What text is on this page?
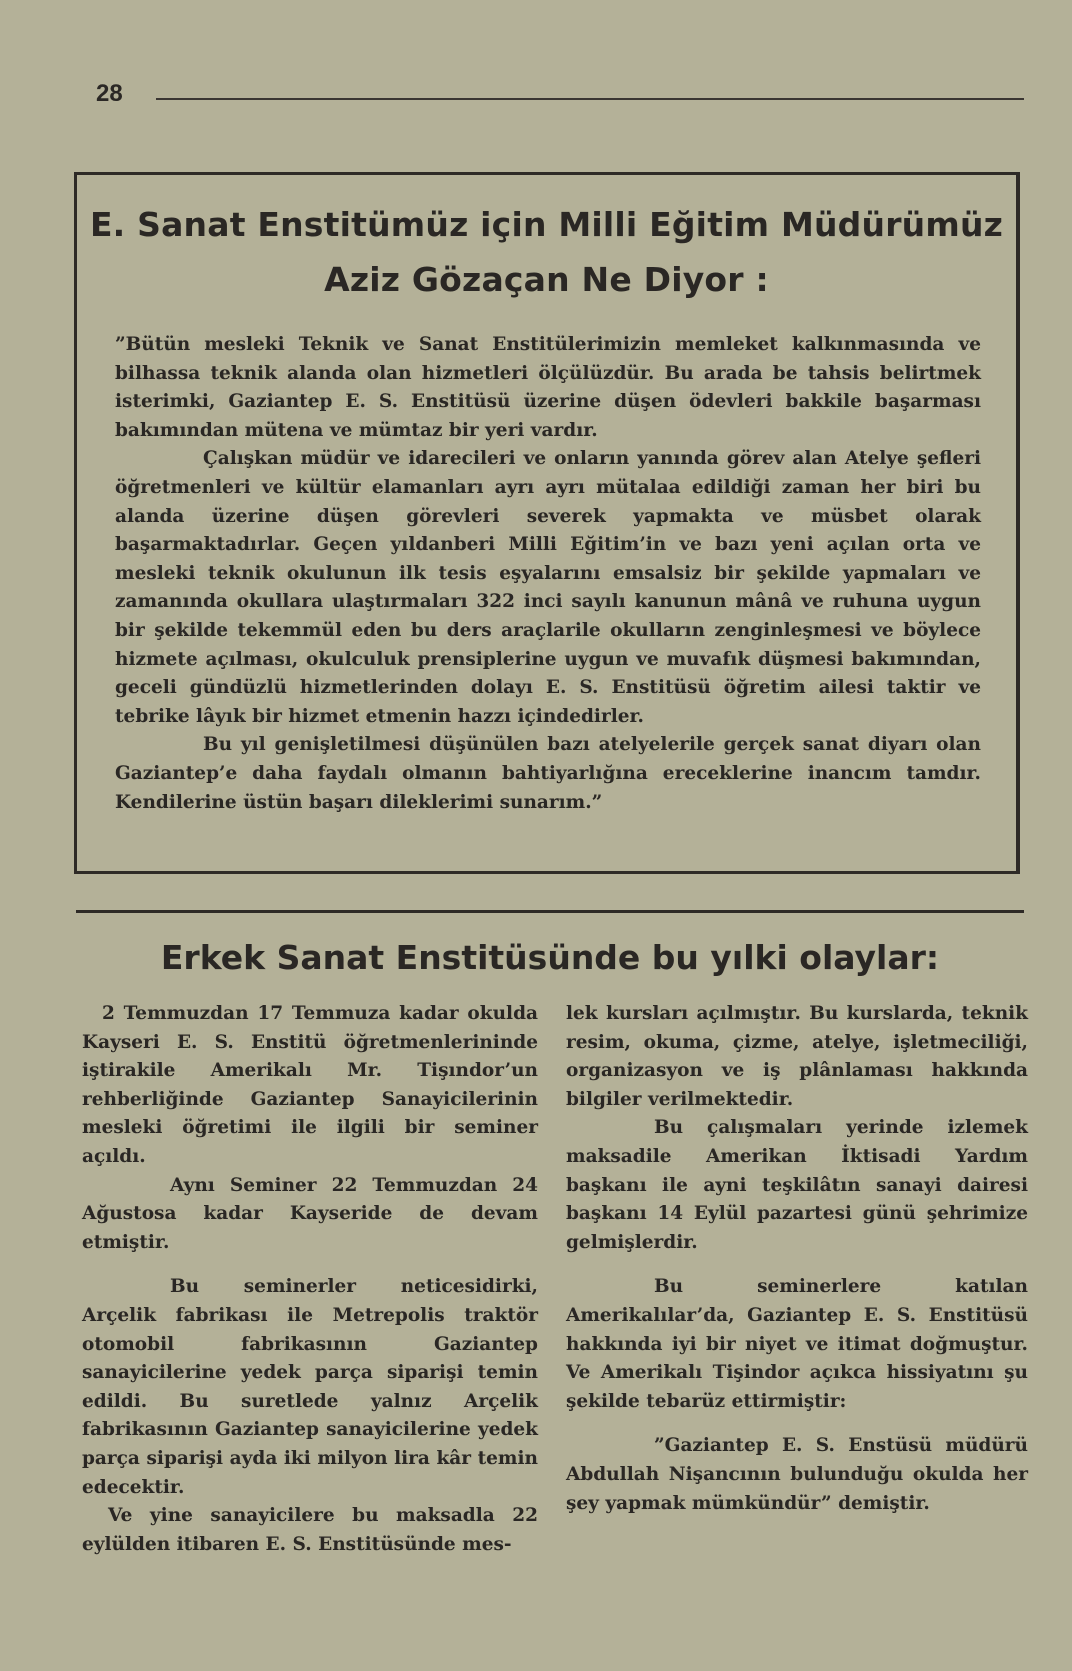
28
E. Sanat Enstitümüz için Milli Eğitim Müdürümüz
Aziz Gözaçan Ne Diyor :

”Bütün mesleki Teknik ve Sanat Enstitülerimizin memleket kalkınmasında ve bilhassa teknik alanda olan hizmetleri ölçülüzdür. Bu arada be tahsis belirtmek isterimki, Gaziantep E. S. Enstitüsü üzerine düşen ödevleri bakkile başarması bakımından mütena ve mümtaz bir yeri vardır.

Çalışkan müdür ve idarecileri ve onların yanında görev alan Atelye şefleri öğretmenleri ve kültür elamanları ayrı ayrı mütalaa edildiği zaman her biri bu alanda üzerine düşen görevleri severek yapmakta ve müsbet olarak başarmaktadırlar. Geçen yıldanberi Milli Eğitim’in ve bazı yeni açılan orta ve mesleki teknik okulunun ilk tesis eşyalarını emsalsiz bir şekilde yapmaları ve zamanında okullara ulaştırmaları 322 inci sayılı kanunun mânâ ve ruhuna uygun bir şekilde tekemmül eden bu ders araçlarile okulların zenginleşmesi ve böylece hizmete açılması, okulculuk prensiplerine uygun ve muvafık düşmesi bakımından, geceli gündüzlü hizmetlerinden dolayı E. S. Enstitüsü öğretim ailesi taktir ve tebrike lâyık bir hizmet etmenin hazzı içindedirler.

Bu yıl genişletilmesi düşünülen bazı atelyelerile gerçek sanat diyarı olan Gaziantep’e daha faydalı olmanın bahtiyarlığına ereceklerine inancım tamdır. Kendilerine üstün başarı dileklerimi sunarım.”

Erkek Sanat Enstitüsünde bu yılki olaylar:

2 Temmuzdan 17 Temmuza kadar okulda Kayseri E. S. Enstitü öğretmenlerininde iştirakile Amerikalı Mr. Tişındor’un rehberliğinde Gaziantep Sanayicilerinin mesleki öğretimi ile ilgili bir seminer açıldı.

Aynı Seminer 22 Temmuzdan 24 Ağustosa kadar Kayseride de devam etmiştir.

Bu seminerler neticesidirki, Arçelik fabrikası ile Metrepolis traktör otomobil fabrikasının Gaziantep sanayicilerine yedek parça siparişi temin edildi. Bu suretlede yalnız Arçelik fabrikasının Gaziantep sanayicilerine yedek parça siparişi ayda iki milyon lira kâr temin edecektir.

Ve yine sanayicilere bu maksadla 22 eylülden itibaren E. S. Enstitüsünde mes-

lek kursları açılmıştır. Bu kurslarda, teknik resim, okuma, çizme, atelye, işletmeciliği, organizasyon ve iş plânlaması hakkında bilgiler verilmektedir.

Bu çalışmaları yerinde izlemek maksadile Amerikan İktisadi Yardım başkanı ile ayni teşkilâtın sanayi dairesi başkanı 14 Eylül pazartesi günü şehrimize gelmişlerdir.

Bu seminerlere katılan Amerikalılar’da, Gaziantep E. S. Enstitüsü hakkında iyi bir niyet ve itimat doğmuştur. Ve Amerikalı Tişindor açıkca hissiyatını şu şekilde tebarüz ettirmiştir:

”Gaziantep E. S. Enstüsü müdürü Abdullah Nişancının bulunduğu okulda her şey yapmak mümkündür” demiştir.
